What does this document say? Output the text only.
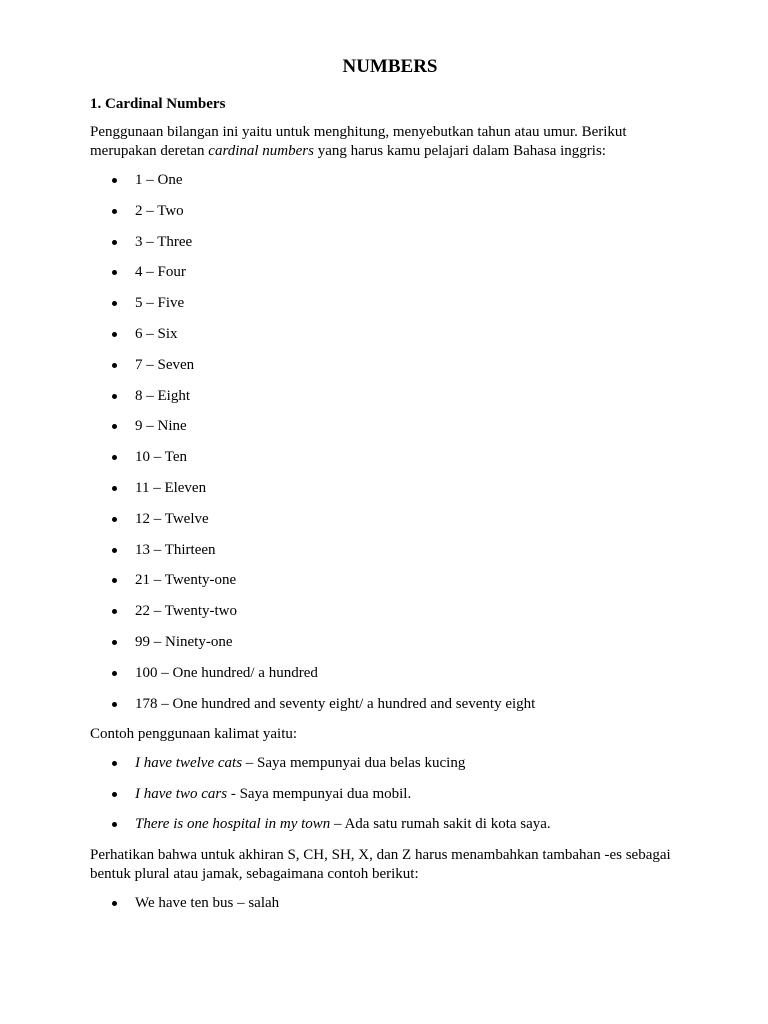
NUMBERS
1. Cardinal Numbers

Penggunaan bilangan ini yaitu untuk menghitung, menyebutkan tahun atau umur. Berikut merupakan deretan cardinal numbers yang harus kamu pelajari dalam Bahasa inggris:

1 – One
2 – Two
3 – Three
4 – Four
5 – Five
6 – Six
7 – Seven
8 – Eight
9 – Nine
10 – Ten
11 – Eleven
12 – Twelve
13 – Thirteen
21 – Twenty-one
22 – Twenty-two
99 – Ninety-one
100 – One hundred/ a hundred
178 – One hundred and seventy eight/ a hundred and seventy eight

Contoh penggunaan kalimat yaitu:

I have twelve cats – Saya mempunyai dua belas kucing
I have two cars - Saya mempunyai dua mobil.
There is one hospital in my town – Ada satu rumah sakit di kota saya.

Perhatikan bahwa untuk akhiran S, CH, SH, X, dan Z harus menambahkan tambahan -es sebagai bentuk plural atau jamak, sebagaimana contoh berikut:

We have ten bus – salah
